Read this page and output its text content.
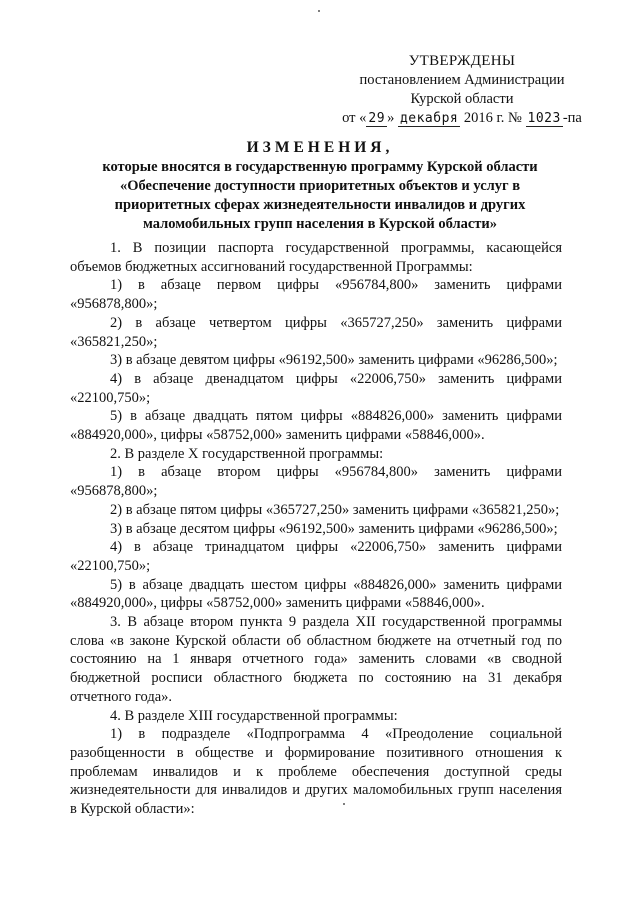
УТВЕРЖДЕНЫ
постановлением Администрации
Курской области
от « 29 » декабря 2016 г. № 1023 -па
ИЗМЕНЕНИЯ,
которые вносятся в государственную программу Курской области
«Обеспечение доступности приоритетных объектов и услуг в
приоритетных сферах жизнедеятельности инвалидов и других
маломобильных групп населения в Курской области»

1. В позиции паспорта государственной программы, касающейся объемов бюджетных ассигнований государственной Программы:

1) в абзаце первом цифры «956784,800» заменить цифрами «956878,800»;

2) в абзаце четвертом цифры «365727,250» заменить цифрами «365821,250»;

3) в абзаце девятом цифры «96192,500» заменить цифрами «96286,500»;

4) в абзаце двенадцатом цифры «22006,750» заменить цифрами «22100,750»;

5) в абзаце двадцать пятом цифры «884826,000» заменить цифрами «884920,000», цифры «58752,000» заменить цифрами «58846,000».

2. В разделе X государственной программы:

1) в абзаце втором цифры «956784,800» заменить цифрами «956878,800»;

2) в абзаце пятом цифры «365727,250» заменить цифрами «365821,250»;

3) в абзаце десятом цифры «96192,500» заменить цифрами «96286,500»;

4) в абзаце тринадцатом цифры «22006,750» заменить цифрами «22100,750»;

5) в абзаце двадцать шестом цифры «884826,000» заменить цифрами «884920,000», цифры «58752,000» заменить цифрами «58846,000».

3. В абзаце втором пункта 9 раздела XII государственной программы слова «в законе Курской области об областном бюджете на отчетный год по состоянию на 1 января отчетного года» заменить словами «в сводной бюджетной росписи областного бюджета по состоянию на 31 декабря отчетного года».

4. В разделе XIII государственной программы:

1) в подразделе «Подпрограмма 4 «Преодоление социальной разобщенности в обществе и формирование позитивного отношения к проблемам инвалидов и к проблеме обеспечения доступной среды жизнедеятельности для инвалидов и других маломобильных групп населения в Курской области»:
